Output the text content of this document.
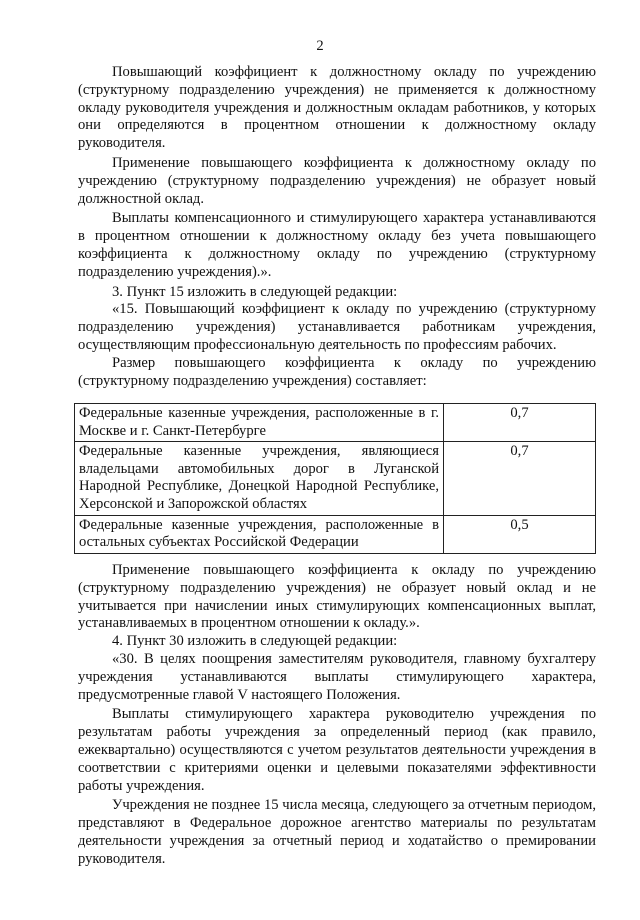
2

Повышающий коэффициент к должностному окладу по учреждению (структурному подразделению учреждения) не применяется к должностному окладу руководителя учреждения и должностным окладам работников, у которых они определяются в процентном отношении к должностному окладу руководителя.

Применение повышающего коэффициента к должностному окладу по учреждению (структурному подразделению учреждения) не образует новый должностной оклад.

Выплаты компенсационного и стимулирующего характера устанавливаются в процентном отношении к должностному окладу без учета повышающего коэффициента к должностному окладу по учреждению (структурному подразделению учреждения).».

3. Пункт 15 изложить в следующей редакции:

«15. Повышающий коэффициент к окладу по учреждению (структурному подразделению учреждения) устанавливается работникам учреждения, осуществляющим профессиональную деятельность по профессиям рабочих.

Размер повышающего коэффициента к окладу по учреждению (структурному подразделению учреждения) составляет:

Федеральные казенные учреждения, расположенные в г. Москве и г. Санкт-Петербурге	0,7
Федеральные казенные учреждения, являющиеся владельцами автомобильных дорог в Луганской Народной Республике, Донецкой Народной Республике, Херсонской и Запорожской областях	0,7
Федеральные казенные учреждения, расположенные в остальных субъектах Российской Федерации	0,5

Применение повышающего коэффициента к окладу по учреждению (структурному подразделению учреждения) не образует новый оклад и не учитывается при начислении иных стимулирующих компенсационных выплат, устанавливаемых в процентном отношении к окладу.».

4. Пункт 30 изложить в следующей редакции:

«30. В целях поощрения заместителям руководителя, главному бухгалтеру учреждения устанавливаются выплаты стимулирующего характера, предусмотренные главой V настоящего Положения.

Выплаты стимулирующего характера руководителю учреждения по результатам работы учреждения за определенный период (как правило, ежеквартально) осуществляются с учетом результатов деятельности учреждения в соответствии с критериями оценки и целевыми показателями эффективности работы учреждения.

Учреждения не позднее 15 числа месяца, следующего за отчетным периодом, представляют в Федеральное дорожное агентство материалы по результатам деятельности учреждения за отчетный период и ходатайство о премировании руководителя.
